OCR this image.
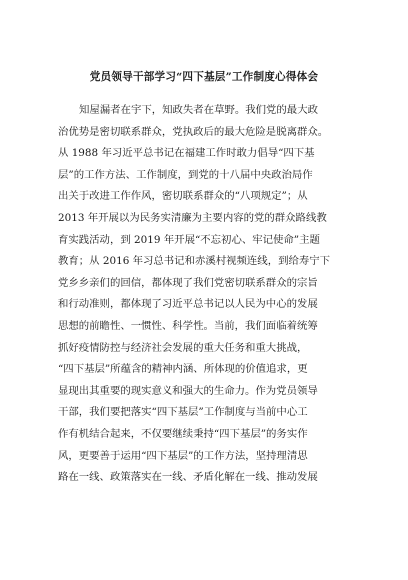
党员领导干部学习“四下基层”工作制度心得体会
知屋漏者在宇下，知政失者在草野。我们党的最大政
治优势是密切联系群众，党执政后的最大危险是脱离群众。
从 1988 年习近平总书记在福建工作时敢力倡导“四下基
层”的工作方法、工作制度，到党的十八届中央政治局作
出关于改进工作作风，密切联系群众的“八项规定”；从
2013 年开展以为民务实清廉为主要内容的党的群众路线教
育实践活动，到 2019 年开展“不忘初心、牢记使命”主题
教育；从 2016 年习总书记和赤溪村视频连线，到给寿宁下
党乡乡亲们的回信，都体现了我们党密切联系群众的宗旨
和行动准则，都体现了习近平总书记以人民为中心的发展
思想的前瞻性、一惯性、科学性。当前，我们面临着统筹
抓好疫情防控与经济社会发展的重大任务和重大挑战，
“四下基层”所蕴含的精神内涵、所体现的价值追求，更
显现出其重要的现实意义和强大的生命力。作为党员领导
干部，我们要把落实“四下基层”工作制度与当前中心工
作有机结合起来，不仅要继续秉持“四下基层”的务实作
风，更要善于运用“四下基层”的工作方法，坚持理清思
路在一线、政策落实在一线、矛盾化解在一线、推动发展
